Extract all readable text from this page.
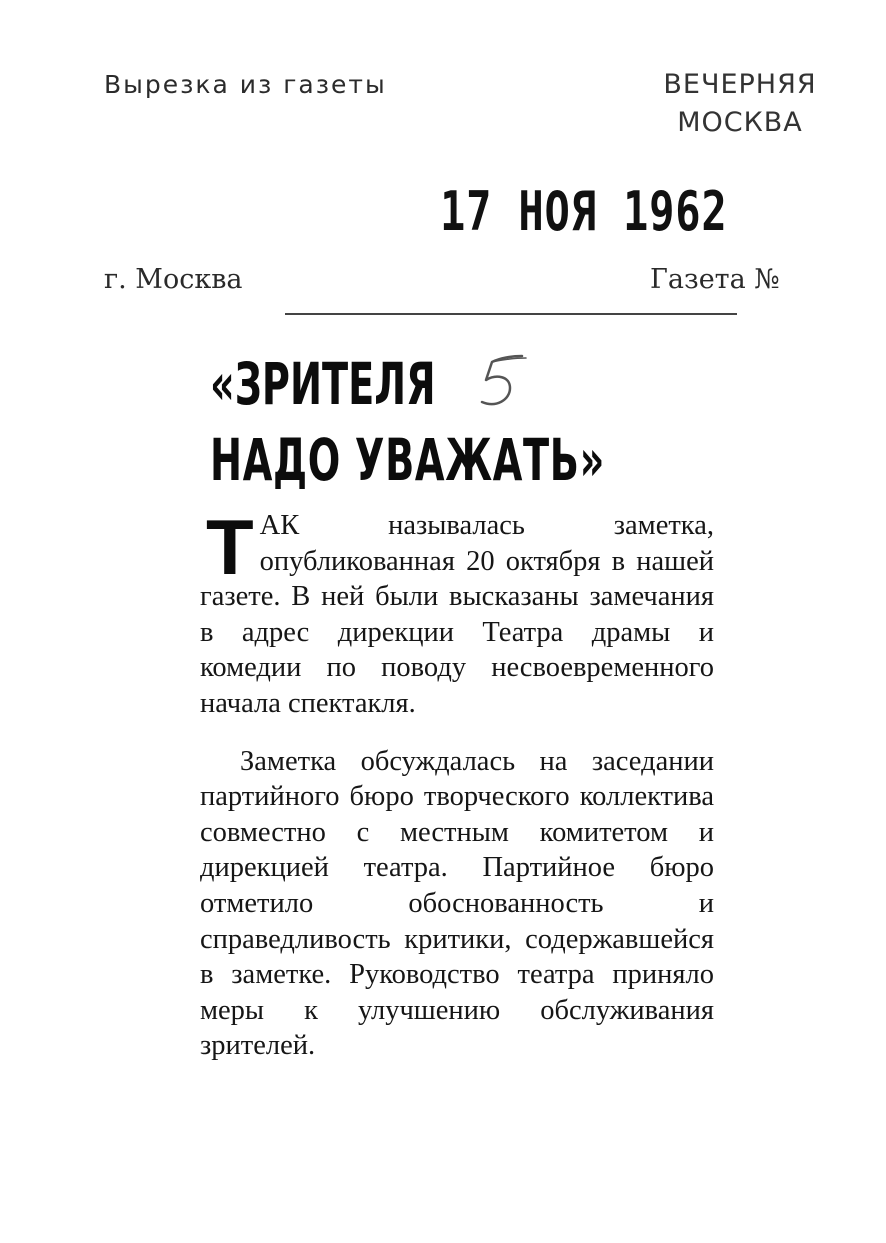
Вырезка из газеты	ВЕЧЕРНЯЯ
МОСКВА
17 НОЯ 1962
г. Москва	Газета №
«ЗРИТЕЛЯ
НАДО УВАЖАТЬ»

ТАК называлась заметка, опубликованная 20 октября в нашей газете. В ней были высказаны замечания в адрес дирекции Театра драмы и комедии по поводу несвоевременного начала спектакля.

Заметка обсуждалась на заседании партийного бюро творческого коллектива совместно с местным комитетом и дирекцией театра. Партийное бюро отметило обоснованность и справедливость критики, содержавшейся в заметке. Руководство театра приняло меры к улучшению обслуживания зрителей.
